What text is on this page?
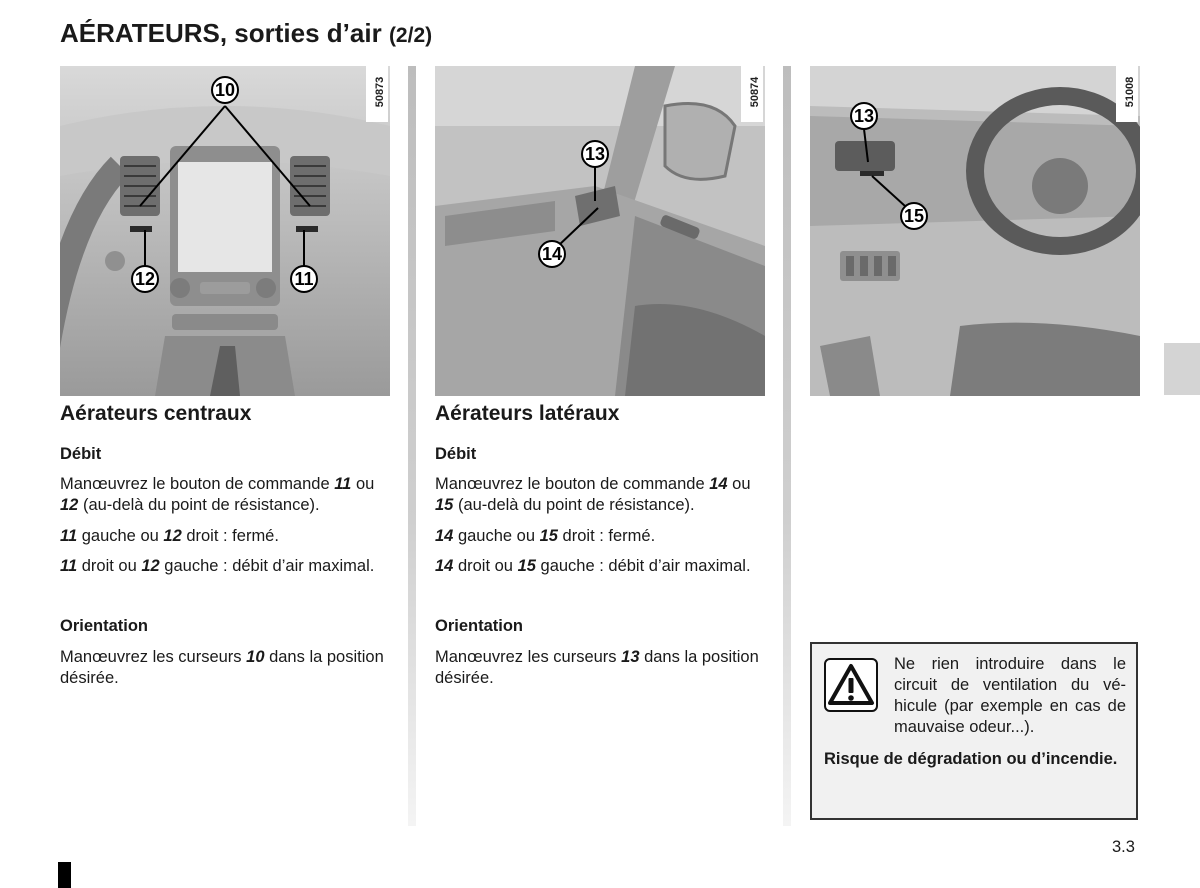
AÉRATEURS, sorties d’air (2/2)
10
12	11
50873
13
14
50874
13
15
51008
Aérateurs centraux
Débit

Manœuvrez le bouton de commande 11 ou 12 (au-delà du point de résistance).

11 gauche ou 12 droit : fermé.

11 droit ou 12 gauche : débit d’air maximal.

Orientation

Manœuvrez les curseurs 10 dans la position désirée.

Aérateurs latéraux
Débit

Manœuvrez le bouton de commande 14 ou 15 (au-delà du point de résistance).

14 gauche ou 15 droit : fermé.

14 droit ou 15 gauche : débit d’air maximal.

Orientation

Manœuvrez les curseurs 13 dans la position désirée.

Ne rien introduire dans le circuit de ventilation du véhicule (par exemple en cas de mauvaise odeur...).
Risque de dégradation ou d’incendie.
3.3
